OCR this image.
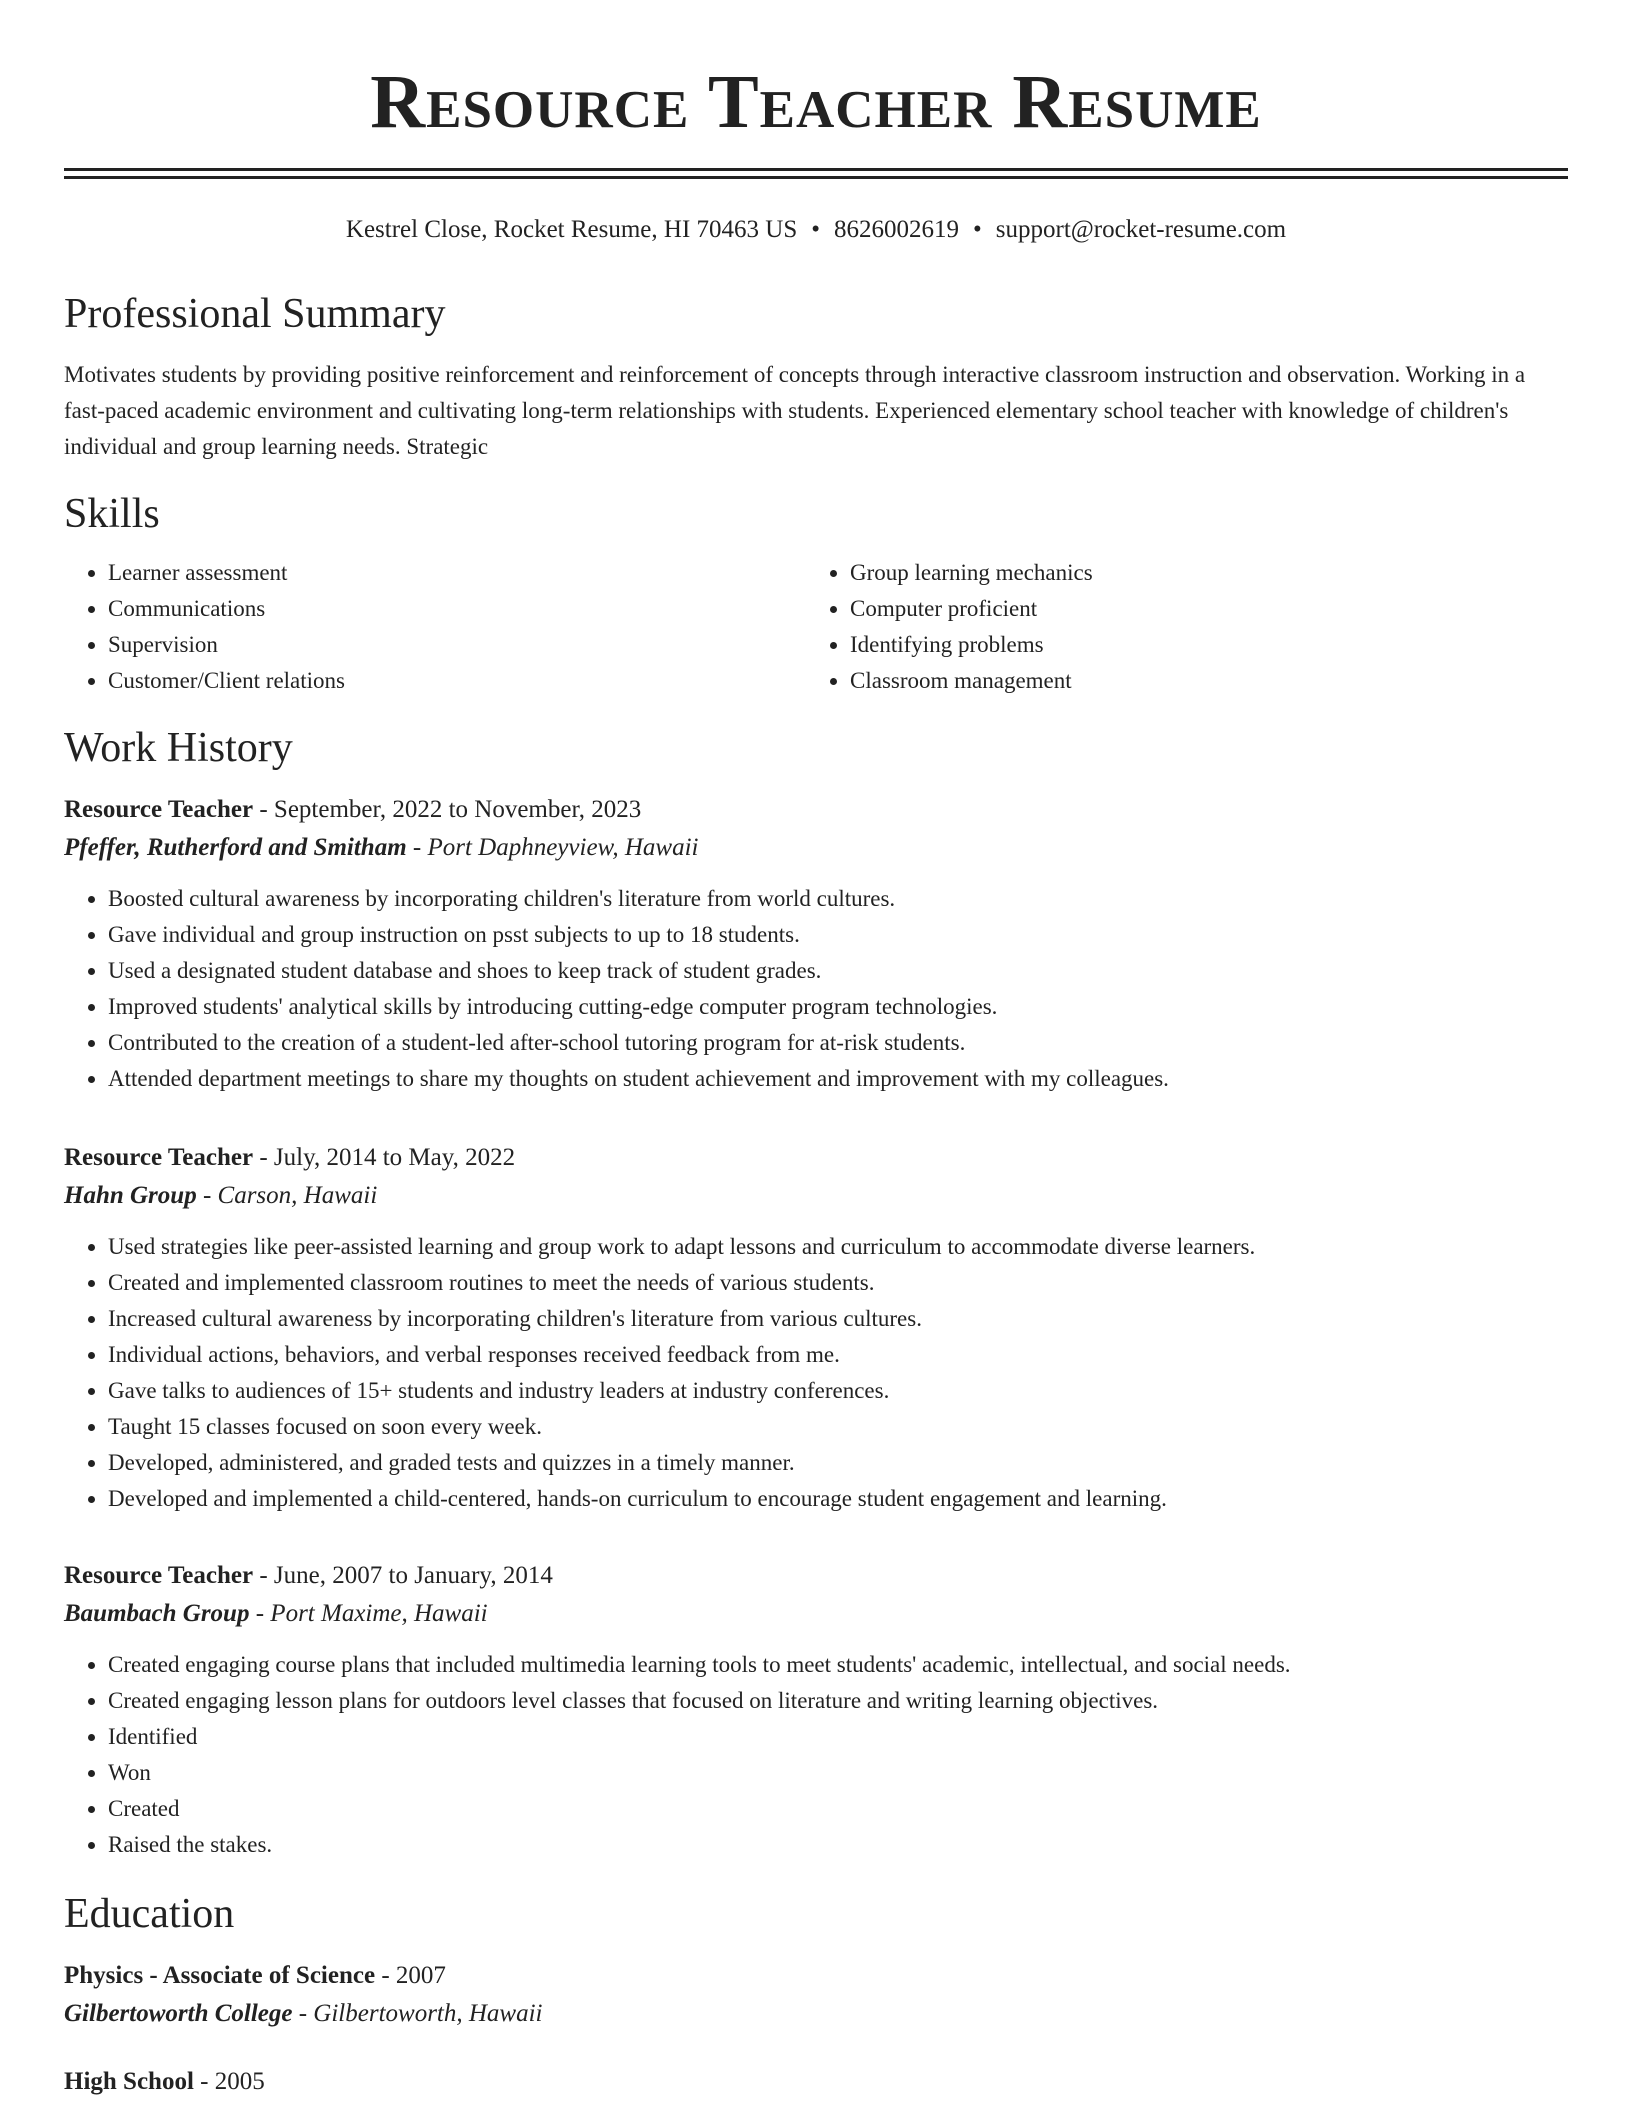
Resource Teacher Resume
Kestrel Close, Rocket Resume, HI 70463 US • 8626002619 • support@rocket-resume.com
Professional Summary
Motivates students by providing positive reinforcement and reinforcement of concepts through interactive classroom instruction and observation. Working in a fast-paced academic environment and cultivating long-term relationships with students. Experienced elementary school teacher with knowledge of children's individual and group learning needs. Strategic
Skills
• Learner assessment
• Communications
• Supervision
• Customer/Client relations
• Group learning mechanics
• Computer proficient
• Identifying problems
• Classroom management
Work History
Resource Teacher - September, 2022 to November, 2023
Pfeffer, Rutherford and Smitham - Port Daphneyview, Hawaii
• Boosted cultural awareness by incorporating children's literature from world cultures.
• Gave individual and group instruction on psst subjects to up to 18 students.
• Used a designated student database and shoes to keep track of student grades.
• Improved students' analytical skills by introducing cutting-edge computer program technologies.
• Contributed to the creation of a student-led after-school tutoring program for at-risk students.
• Attended department meetings to share my thoughts on student achievement and improvement with my colleagues.
Resource Teacher - July, 2014 to May, 2022
Hahn Group - Carson, Hawaii
• Used strategies like peer-assisted learning and group work to adapt lessons and curriculum to accommodate diverse learners.
• Created and implemented classroom routines to meet the needs of various students.
• Increased cultural awareness by incorporating children's literature from various cultures.
• Individual actions, behaviors, and verbal responses received feedback from me.
• Gave talks to audiences of 15+ students and industry leaders at industry conferences.
• Taught 15 classes focused on soon every week.
• Developed, administered, and graded tests and quizzes in a timely manner.
• Developed and implemented a child-centered, hands-on curriculum to encourage student engagement and learning.
Resource Teacher - June, 2007 to January, 2014
Baumbach Group - Port Maxime, Hawaii
• Created engaging course plans that included multimedia learning tools to meet students' academic, intellectual, and social needs.
• Created engaging lesson plans for outdoors level classes that focused on literature and writing learning objectives.
• Identified
• Won
• Created
• Raised the stakes.
Education
Physics - Associate of Science - 2007
Gilbertoworth College - Gilbertoworth, Hawaii
High School - 2005
